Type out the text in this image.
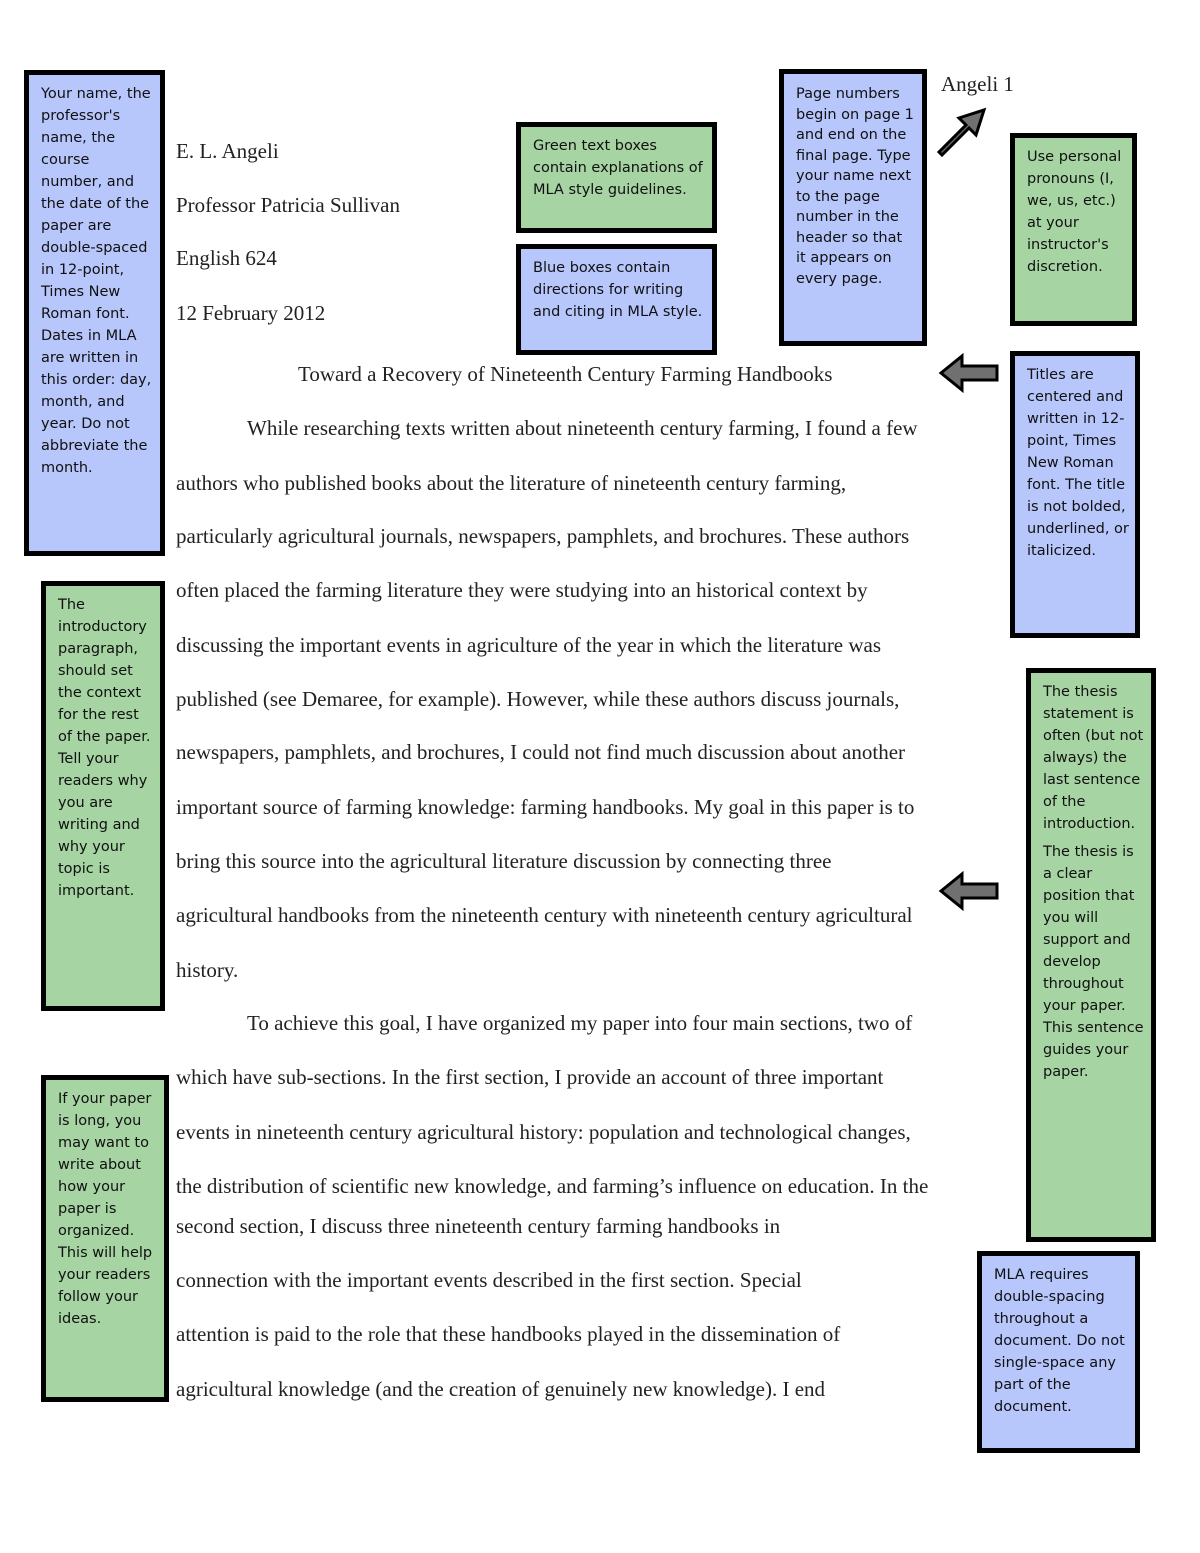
Angeli 1
E. L. Angeli
Professor Patricia Sullivan
English 624
12 February 2012
Toward a Recovery of Nineteenth Century Farming Handbooks
While researching texts written about nineteenth century farming, I found a few
authors who published books about the literature of nineteenth century farming,
particularly agricultural journals, newspapers, pamphlets, and brochures. These authors
often placed the farming literature they were studying into an historical context by
discussing the important events in agriculture of the year in which the literature was
published (see Demaree, for example). However, while these authors discuss journals,
newspapers, pamphlets, and brochures, I could not find much discussion about another
important source of farming knowledge: farming handbooks. My goal in this paper is to
bring this source into the agricultural literature discussion by connecting three
agricultural handbooks from the nineteenth century with nineteenth century agricultural
history.
To achieve this goal, I have organized my paper into four main sections, two of
which have sub-sections. In the first section, I provide an account of three important
events in nineteenth century agricultural history: population and technological changes,
the distribution of scientific new knowledge, and farming’s influence on education. In the
second section, I discuss three nineteenth century farming handbooks in
connection with the important events described in the first section. Special
attention is paid to the role that these handbooks played in the dissemination of
agricultural knowledge (and the creation of genuinely new knowledge). I end
Your name, the professor's name, the course number, and the date of the paper are double-spaced in 12-point, Times New Roman font. Dates in MLA are written in this order: day, month, and year. Do not abbreviate the month.
The introductory paragraph, should set the context for the rest of the paper. Tell your readers why you are writing and why your topic is important.
If your paper is long, you may want to write about how your paper is organized. This will help your readers follow your ideas.
Green text boxes contain explanations of MLA style guidelines.
Blue boxes contain directions for writing and citing in MLA style.
Page numbers begin on page 1 and end on the final page. Type your name next to the page number in the header so that it appears on every page.
Use personal pronouns (I, we, us, etc.) at your instructor's discretion.
Titles are centered and written in 12-point, Times New Roman font. The title is not bolded, underlined, or italicized.
The thesis statement is often (but not always) the last sentence of the introduction.
The thesis is a clear position that you will support and develop throughout your paper. This sentence guides your paper.
MLA requires double-spacing throughout a document. Do not single-space any part of the document.
